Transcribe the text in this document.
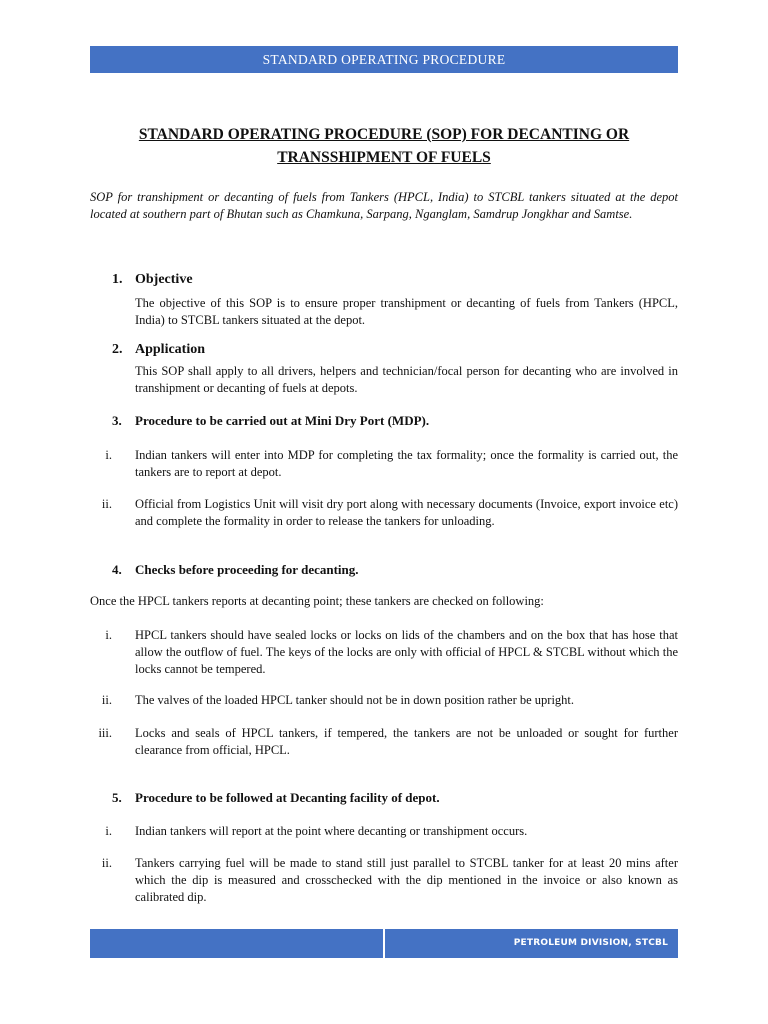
STANDARD OPERATING PROCEDURE
STANDARD OPERATING PROCEDURE (SOP) FOR DECANTING OR
TRANSSHIPMENT OF FUELS

SOP for transhipment or decanting of fuels from Tankers (HPCL, India) to STCBL tankers situated at the depot located at southern part of Bhutan such as Chamkuna, Sarpang, Nganglam, Samdrup Jongkhar and Samtse.

1. Objective

The objective of this SOP is to ensure proper transhipment or decanting of fuels from Tankers (HPCL, India) to STCBL tankers situated at the depot.

2. Application

This SOP shall apply to all drivers, helpers and technician/focal person for decanting who are involved in transhipment or decanting of fuels at depots.

3. Procedure to be carried out at Mini Dry Port (MDP).
i. Indian tankers will enter into MDP for completing the tax formality; once the formality is carried out, the tankers are to report at depot.
ii. Official from Logistics Unit will visit dry port along with necessary documents (Invoice, export invoice etc) and complete the formality in order to release the tankers for unloading.
4. Checks before proceeding for decanting.

Once the HPCL tankers reports at decanting point; these tankers are checked on following:

i. HPCL tankers should have sealed locks or locks on lids of the chambers and on the box that has hose that allow the outflow of fuel. The keys of the locks are only with official of HPCL & STCBL without which the locks cannot be tempered.
ii. The valves of the loaded HPCL tanker should not be in down position rather be upright.
iii. Locks and seals of HPCL tankers, if tempered, the tankers are not be unloaded or sought for further clearance from official, HPCL.
5. Procedure to be followed at Decanting facility of depot.
i. Indian tankers will report at the point where decanting or transhipment occurs.
ii. Tankers carrying fuel will be made to stand still just parallel to STCBL tanker for at least 20 mins after which the dip is measured and crosschecked with the dip mentioned in the invoice or also known as calibrated dip.
PETROLEUM DIVISION, STCBL
